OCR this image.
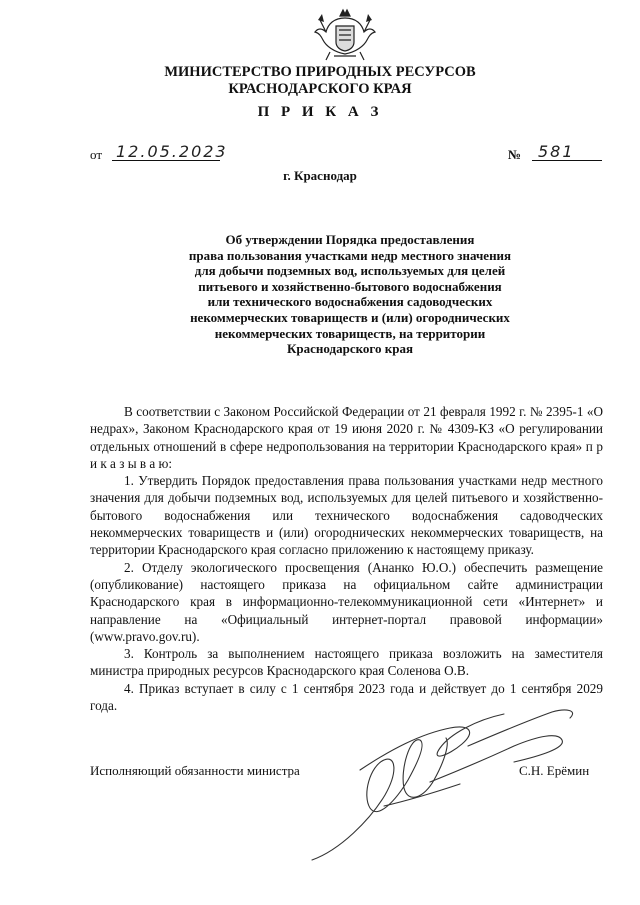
МИНИСТЕРСТВО ПРИРОДНЫХ РЕСУРСОВ
КРАСНОДАРСКОГО КРАЯ
П Р И К А З
от 12.05.2023	№ 581
г. Краснодар
Об утверждении Порядка предоставления
права пользования участками недр местного значения
для добычи подземных вод, используемых для целей
питьевого и хозяйственно-бытового водоснабжения
или технического водоснабжения садоводческих
некоммерческих товариществ и (или) огороднических
некоммерческих товариществ, на территории
Краснодарского края

В соответствии с Законом Российской Федерации от 21 февраля 1992 г. № 2395-1 «О недрах», Законом Краснодарского края от 19 июня 2020 г. № 4309-КЗ «О регулировании отдельных отношений в сфере недропользования на территории Краснодарского края» п р и к а з ы в а ю:

1. Утвердить Порядок предоставления права пользования участками недр местного значения для добычи подземных вод, используемых для целей питьевого и хозяйственно-бытового водоснабжения или технического водоснабжения садоводческих некоммерческих товариществ и (или) огороднических некоммерческих товариществ, на территории Краснодарского края согласно приложению к настоящему приказу.

2. Отделу экологического просвещения (Ананко Ю.О.) обеспечить размещение (опубликование) настоящего приказа на официальном сайте администрации Краснодарского края в информационно-телекоммуникационной сети «Интернет» и направление на «Официальный интернет-портал правовой информации» (www.pravo.gov.ru).

3. Контроль за выполнением настоящего приказа возложить на заместителя министра природных ресурсов Краснодарского края Соленова О.В.

4. Приказ вступает в силу с 1 сентября 2023 года и действует до 1 сентября 2029 года.

Исполняющий обязанности министра	С.Н. Ерёмин
